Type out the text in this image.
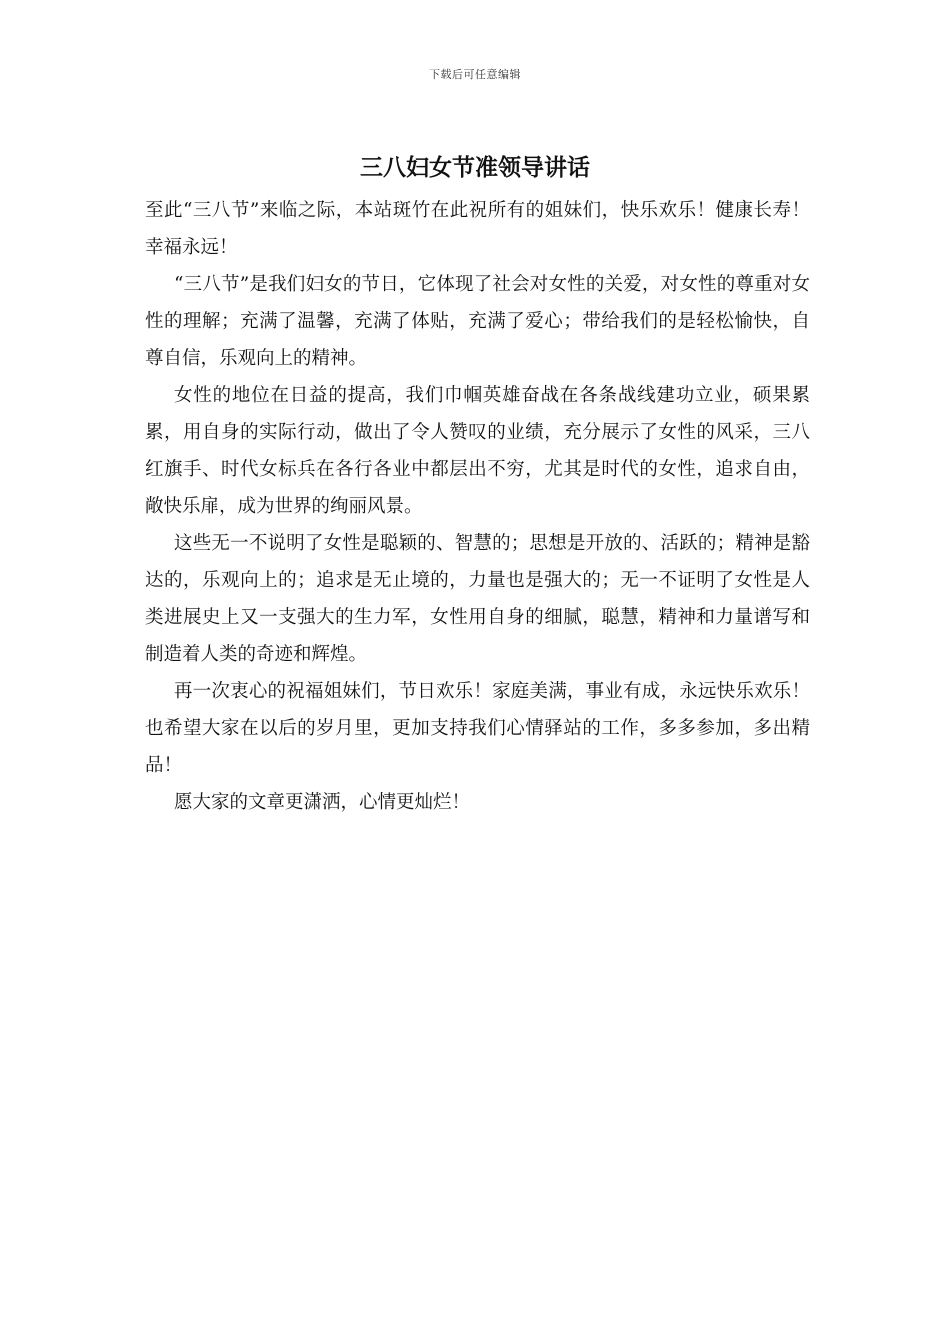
下载后可任意编辑
三八妇女节准领导讲话

至此“三八节”来临之际，本站斑竹在此祝所有的姐妹们，快乐欢乐！健康长寿！幸福永远！

“三八节”是我们妇女的节日，它体现了社会对女性的关爱，对女性的尊重对女性的理解；充满了温馨，充满了体贴，充满了爱心；带给我们的是轻松愉快，自尊自信，乐观向上的精神。

女性的地位在日益的提高，我们巾帼英雄奋战在各条战线建功立业，硕果累累，用自身的实际行动，做出了令人赞叹的业绩，充分展示了女性的风采，三八红旗手、时代女标兵在各行各业中都层出不穷，尤其是时代的女性，追求自由，敞快乐扉，成为世界的绚丽风景。

这些无一不说明了女性是聪颖的、智慧的；思想是开放的、活跃的；精神是豁达的，乐观向上的；追求是无止境的，力量也是强大的；无一不证明了女性是人类进展史上又一支强大的生力军，女性用自身的细腻，聪慧，精神和力量谱写和制造着人类的奇迹和辉煌。

再一次衷心的祝福姐妹们，节日欢乐！家庭美满，事业有成，永远快乐欢乐！也希望大家在以后的岁月里，更加支持我们心情驿站的工作，多多参加，多出精品！

愿大家的文章更潇洒，心情更灿烂！
